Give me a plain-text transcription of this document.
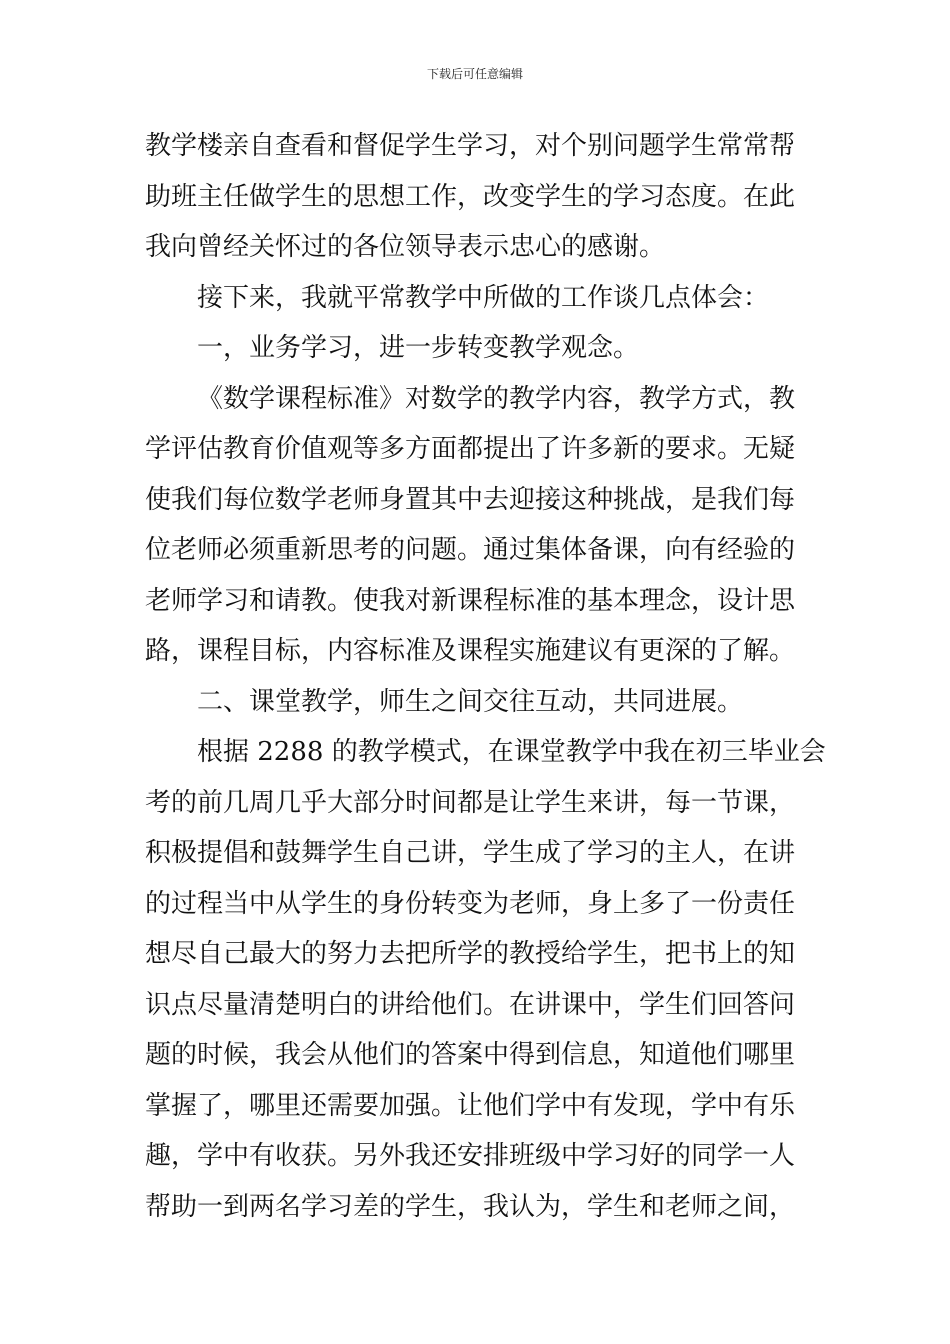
下载后可任意编辑
教学楼亲自查看和督促学生学习，对个别问题学生常常帮
助班主任做学生的思想工作，改变学生的学习态度。在此
我向曾经关怀过的各位领导表示忠心的感谢。
接下来，我就平常教学中所做的工作谈几点体会：
一，业务学习，进一步转变教学观念。
《数学课程标准》对数学的教学内容，教学方式，教
学评估教育价值观等多方面都提出了许多新的要求。无疑
使我们每位数学老师身置其中去迎接这种挑战，是我们每
位老师必须重新思考的问题。通过集体备课，向有经验的
老师学习和请教。使我对新课程标准的基本理念，设计思
路，课程目标，内容标准及课程实施建议有更深的了解。
二、课堂教学，师生之间交往互动，共同进展。
根据 2288 的教学模式，在课堂教学中我在初三毕业会
考的前几周几乎大部分时间都是让学生来讲，每一节课，
积极提倡和鼓舞学生自己讲，学生成了学习的主人，在讲
的过程当中从学生的身份转变为老师，身上多了一份责任
想尽自己最大的努力去把所学的教授给学生，把书上的知
识点尽量清楚明白的讲给他们。在讲课中，学生们回答问
题的时候，我会从他们的答案中得到信息，知道他们哪里
掌握了，哪里还需要加强。让他们学中有发现，学中有乐
趣，学中有收获。另外我还安排班级中学习好的同学一人
帮助一到两名学习差的学生，我认为，学生和老师之间，
